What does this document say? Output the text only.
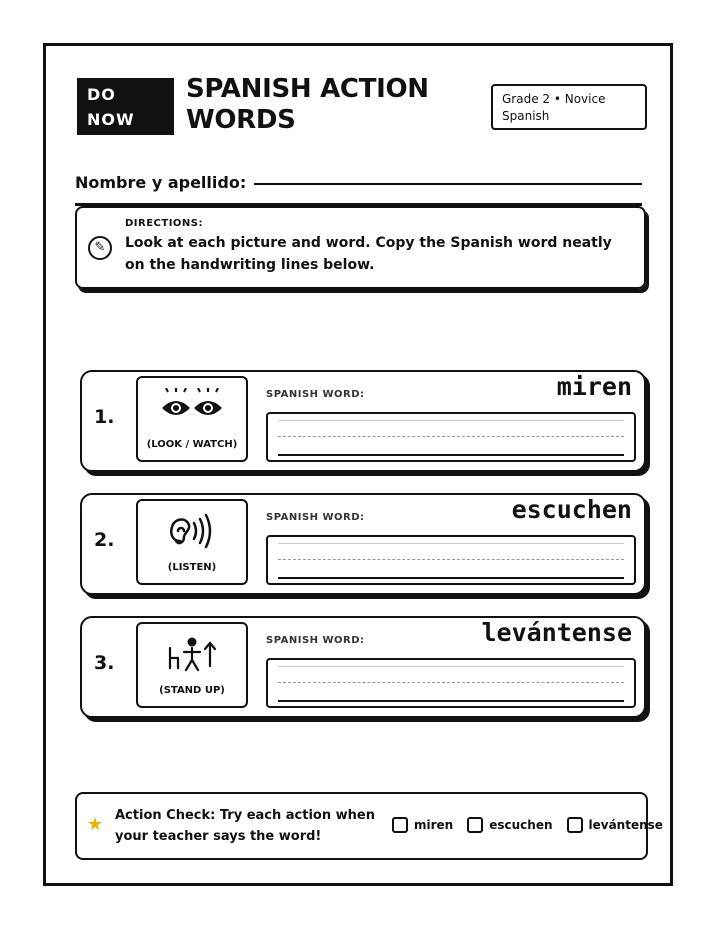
DO
NOW
SPANISH ACTION
WORDS
Grade 2 • Novice
Spanish
Nombre y apellido:
✎
DIRECTIONS:
Look at each picture and word. Copy the Spanish word neatly on the handwriting lines below.
1.
(LOOK / WATCH)
SPANISH WORD:	miren
2.
(LISTEN)
SPANISH WORD:	escuchen
3.
(STAND UP)
SPANISH WORD:	levántense
★ Action Check: Try each action when your teacher says the word!
miren	escuchen	levántense
